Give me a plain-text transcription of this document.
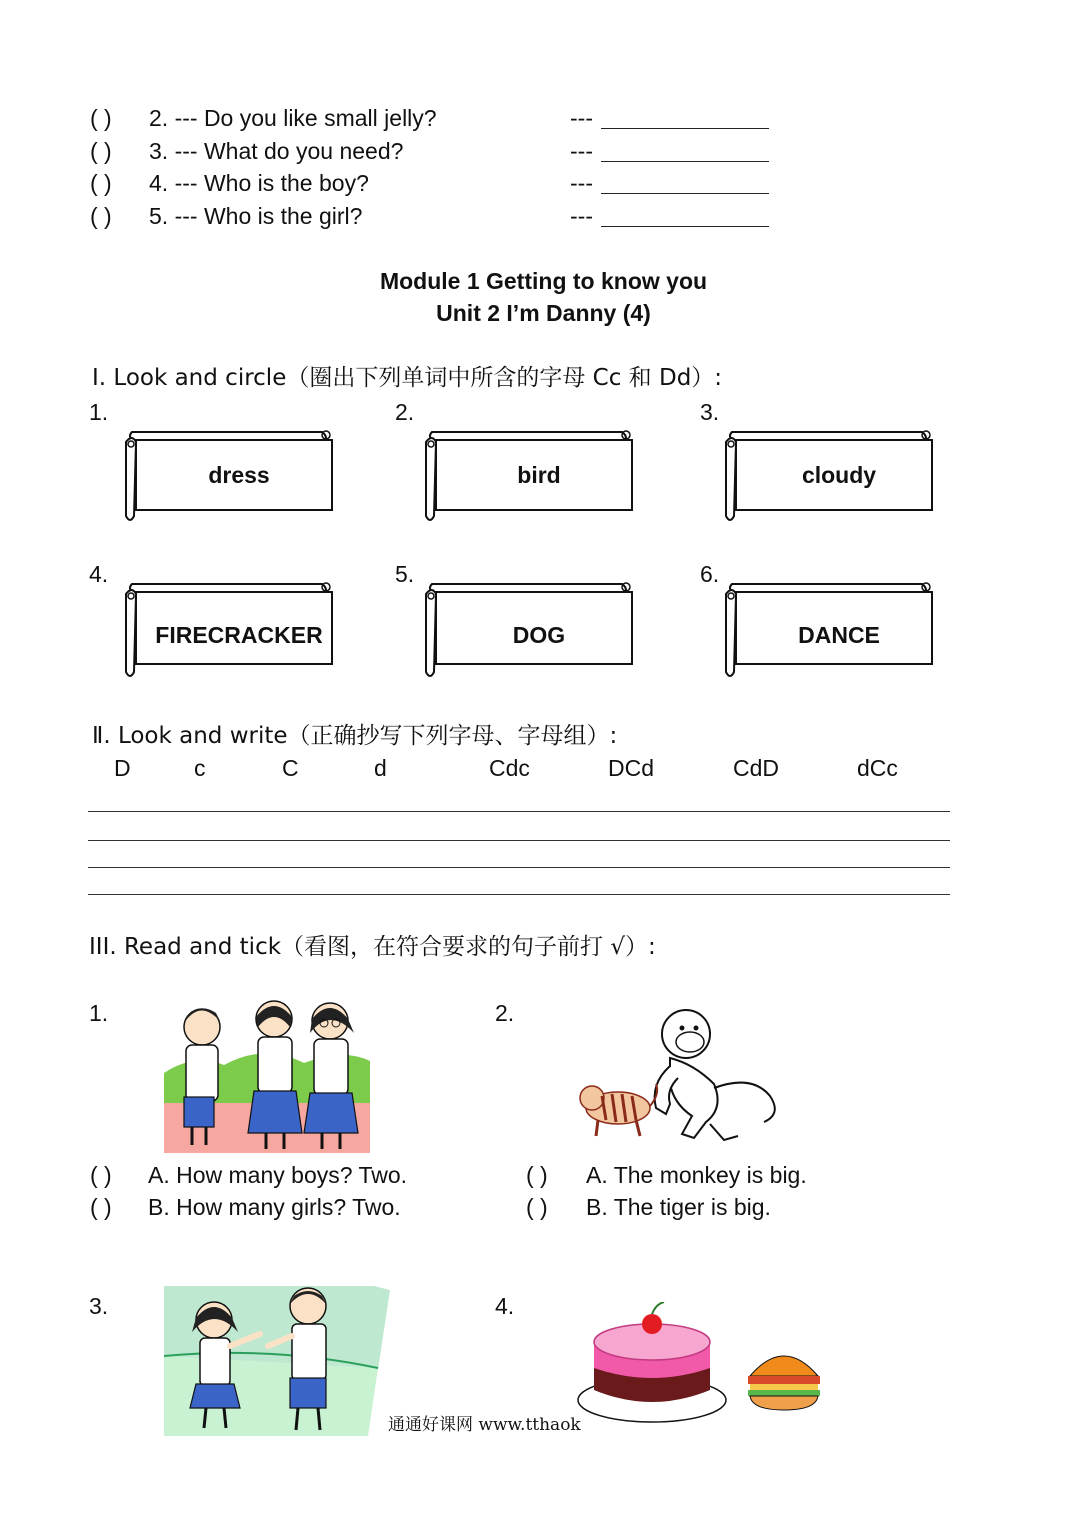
( ) 2. --- Do you like small jelly?	---
( ) 3. --- What do you need?	---
( ) 4. --- Who is the boy?	---
( ) 5. --- Who is the girl?	---
Module 1 Getting to know you
Unit 2 I’m Danny (4)
Ⅰ. Look and circle（圈出下列单词中所含的字母 Cc 和 Dd）:
1.	2.	3.
4.	5.	6.
dress	bird	cloudy
FIRECRACKER	DOG	DANCE
Ⅱ. Look and write（正确抄写下列字母、字母组）:
D	c	C	d	Cdc	DCd	CdD	dCc
III. Read and tick（看图，在符合要求的句子前打 √）:
1.	2.
( ) A. How many boys? Two.
( ) B. How many girls? Two.
( ) A. The monkey is big.
( ) B. The tiger is big.
3.	4.
通通好课网 www.tthaok
